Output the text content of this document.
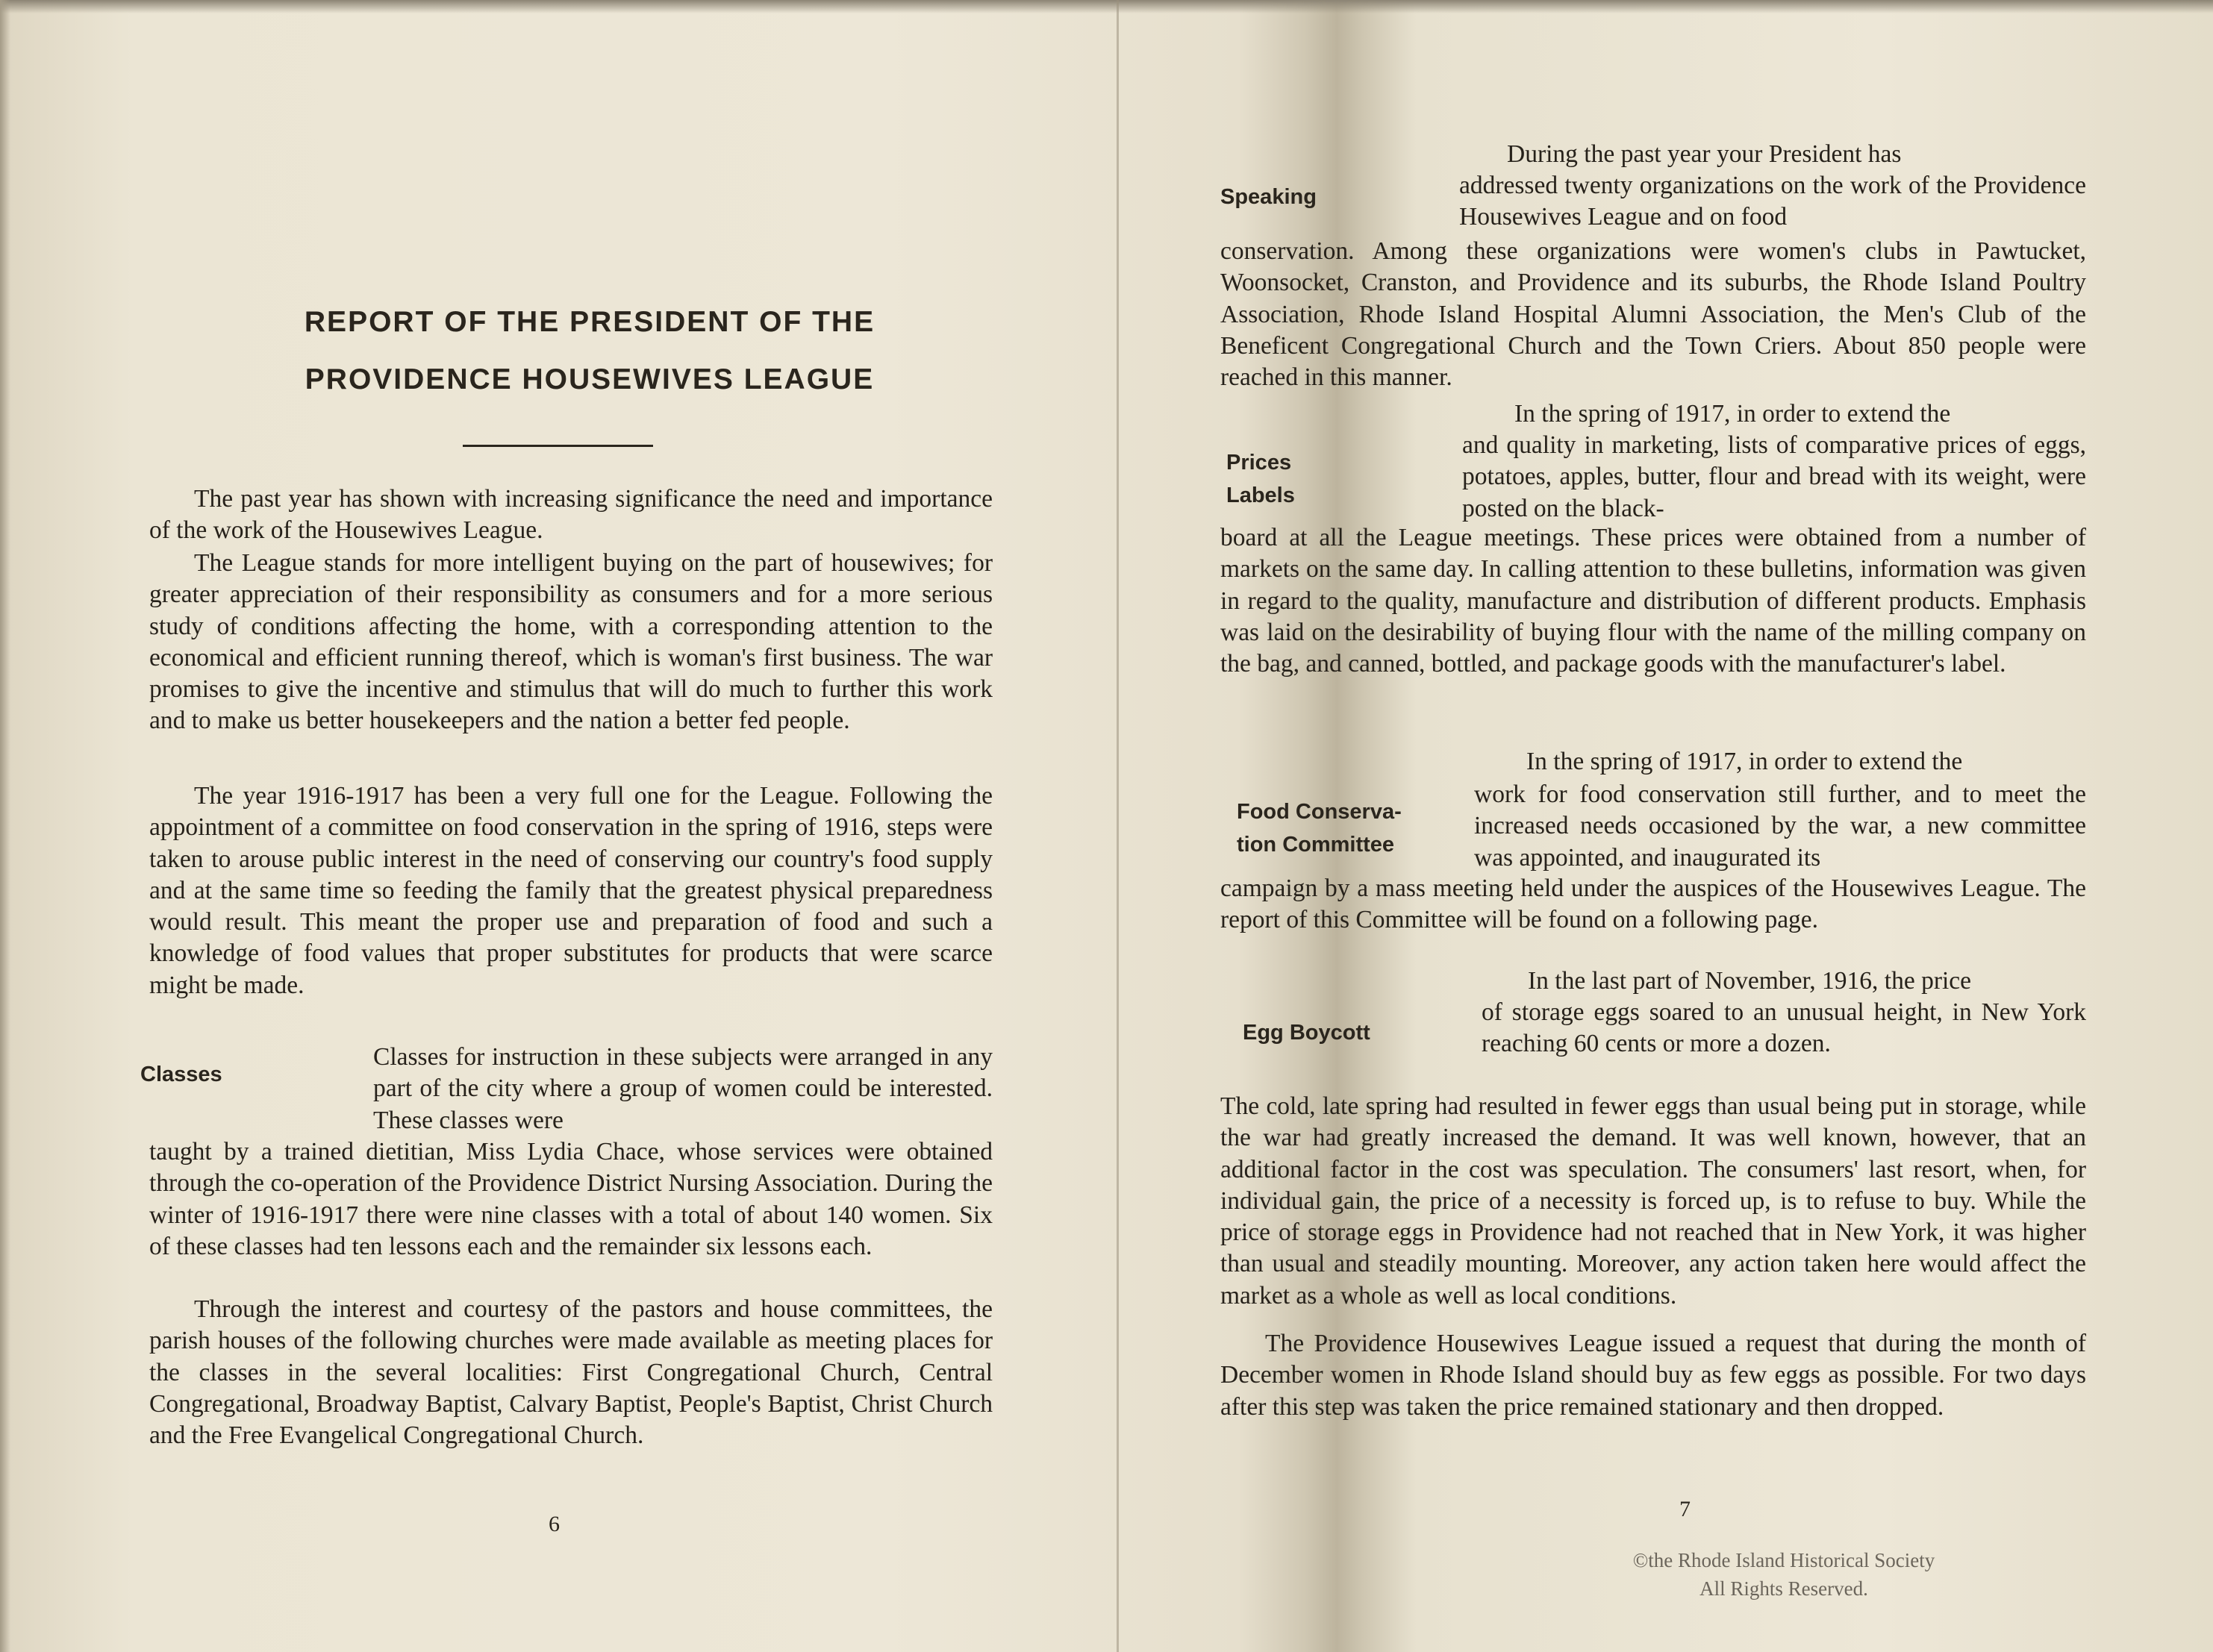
REPORT OF THE PRESIDENT OF THE
PROVIDENCE HOUSEWIVES LEAGUE

The past year has shown with increasing significance the need and importance of the work of the Housewives League.

The League stands for more intelligent buying on the part of housewives; for greater appreciation of their responsibility as consumers and for a more serious study of conditions affecting the home, with a corresponding attention to the economical and efficient running thereof, which is woman's first business. The war promises to give the incentive and stimulus that will do much to further this work and to make us better housekeepers and the nation a better fed people.

The year 1916-1917 has been a very full one for the League. Following the appointment of a committee on food conservation in the spring of 1916, steps were taken to arouse public interest in the need of conserving our country's food supply and at the same time so feeding the family that the greatest physical preparedness would result. This meant the proper use and preparation of food and such a knowledge of food values that proper substitutes for products that were scarce might be made.

Classes

Classes for instruction in these subjects were arranged in any part of the city where a group of women could be interested. These classes were

taught by a trained dietitian, Miss Lydia Chace, whose services were obtained through the co-operation of the Providence District Nursing Association. During the winter of 1916-1917 there were nine classes with a total of about 140 women. Six of these classes had ten lessons each and the remainder six lessons each.

Through the interest and courtesy of the pastors and house committees, the parish houses of the following churches were made available as meeting places for the classes in the several localities: First Congregational Church, Central Congregational, Broadway Baptist, Calvary Baptist, People's Baptist, Christ Church and the Free Evangelical Congregational Church.

6

During the past year your President has

Speaking	addressed twenty organizations on the work of the Providence Housewives League and on food

conservation. Among these organizations were women's clubs in Pawtucket, Woonsocket, Cranston, and Providence and its suburbs, the Rhode Island Poultry Association, Rhode Island Hospital Alumni Association, the Men's Club of the Beneficent Congregational Church and the Town Criers. About 850 people were reached in this manner.

In the spring of 1917, in order to extend the

Prices
Labels

and quality in marketing, lists of comparative prices of eggs, potatoes, apples, butter, flour and bread with its weight, were posted on the black-

board at all the League meetings. These prices were obtained from a number of markets on the same day. In calling attention to these bulletins, information was given in regard to the quality, manufacture and distribution of different products. Emphasis was laid on the desirability of buying flour with the name of the milling company on the bag, and canned, bottled, and package goods with the manufacturer's label.

In the spring of 1917, in order to extend the

Food Conserva-
tion Committee

work for food conservation still further, and to meet the increased needs occasioned by the war, a new committee was appointed, and inaugurated its

campaign by a mass meeting held under the auspices of the Housewives League. The report of this Committee will be found on a following page.

In the last part of November, 1916, the price

Egg Boycott

of storage eggs soared to an unusual height, in New York reaching 60 cents or more a dozen.

The cold, late spring had resulted in fewer eggs than usual being put in storage, while the war had greatly increased the demand. It was well known, however, that an additional factor in the cost was speculation. The consumers' last resort, when, for individual gain, the price of a necessity is forced up, is to refuse to buy. While the price of storage eggs in Providence had not reached that in New York, it was higher than usual and steadily mounting. Moreover, any action taken here would affect the market as a whole as well as local conditions.

The Providence Housewives League issued a request that during the month of December women in Rhode Island should buy as few eggs as possible. For two days after this step was taken the price remained stationary and then dropped.

7
©the Rhode Island Historical Society
All Rights Reserved.
